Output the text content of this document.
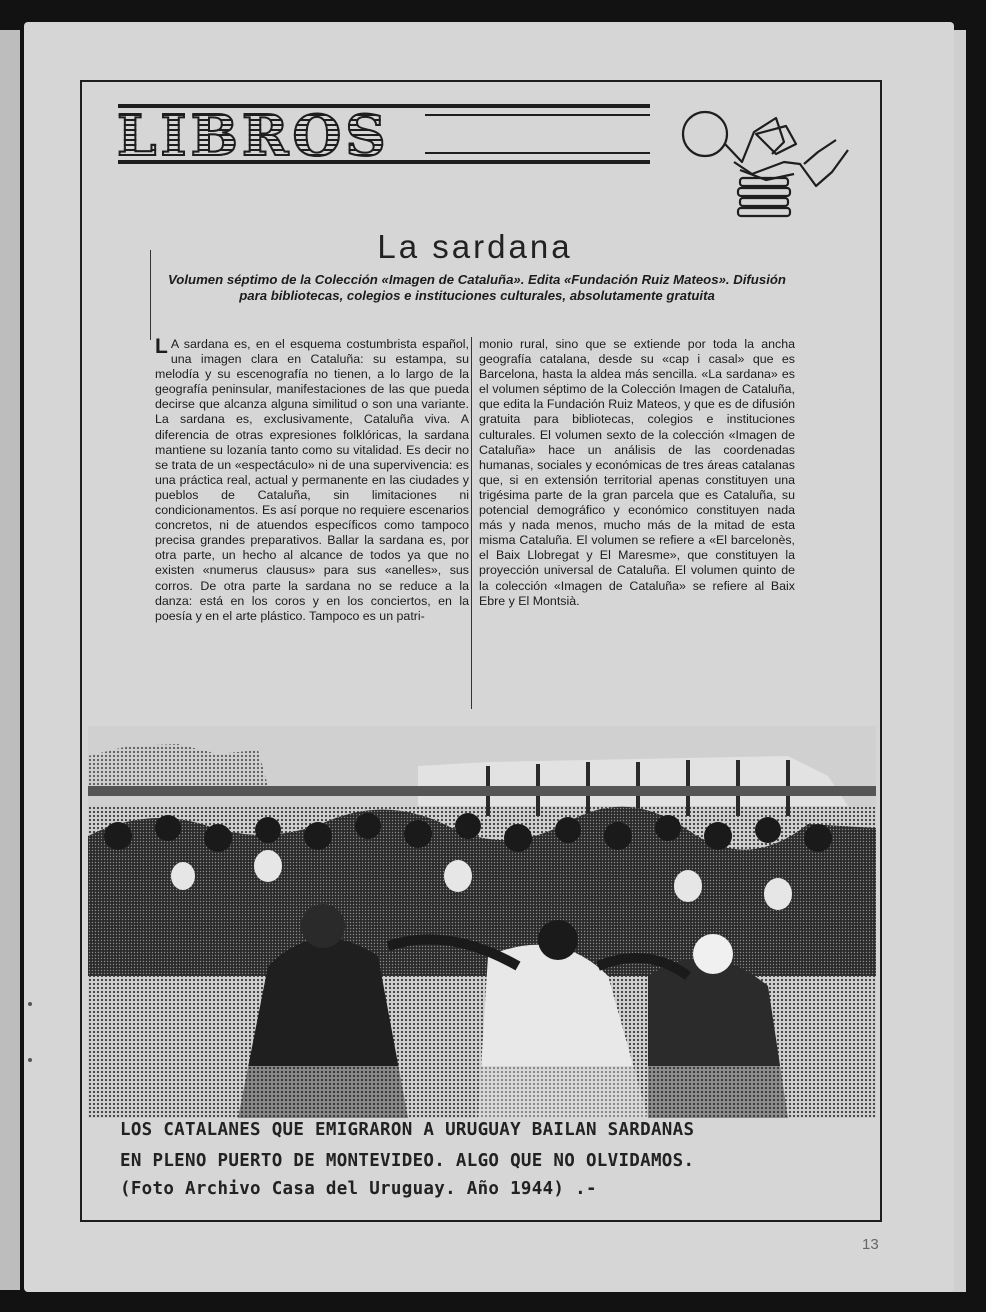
LIBROS
La sardana
Volumen séptimo de la Colección «Imagen de Cataluña». Edita «Fundación Ruiz Mateos». Difusión para bibliotecas, colegios e instituciones culturales, absolutamente gratuita

L A sardana es, en el esquema costumbrista español, una imagen clara en Cataluña: su estampa, su melodía y su escenografía no tienen, a lo largo de la geografía peninsular, manifestaciones de las que pueda decirse que alcanza alguna similitud o son una variante. La sardana es, exclusivamente, Cataluña viva. A diferencia de otras expresiones folklóricas, la sardana mantiene su lozanía tanto como su vitalidad. Es decir no se trata de un «espectáculo» ni de una supervivencia: es una práctica real, actual y permanente en las ciudades y pueblos de Cataluña, sin limitaciones ni condicionamentos. Es así porque no requiere escenarios concretos, ni de atuendos específicos como tampoco precisa grandes preparativos. Ballar la sardana es, por otra parte, un hecho al alcance de todos ya que no existen «numerus clausus» para sus «anelles», sus corros. De otra parte la sardana no se reduce a la danza: está en los coros y en los conciertos, en la poesía y en el arte plástico. Tampoco es un patri-

monio rural, sino que se extiende por toda la ancha geografía catalana, desde su «cap i casal» que es Barcelona, hasta la aldea más sencilla. «La sardana» es el volumen séptimo de la Colección Imagen de Cataluña, que edita la Fundación Ruiz Mateos, y que es de difusión gratuita para bibliotecas, colegios e instituciones culturales. El volumen sexto de la colección «Imagen de Cataluña» hace un análisis de las coordenadas humanas, sociales y económicas de tres áreas catalanas que, si en extensión territorial apenas constituyen una trigésima parte de la gran parcela que es Cataluña, su potencial demográfico y económico constituyen nada más y nada menos, mucho más de la mitad de esta misma Cataluña. El volumen se refiere a «El barcelonès, el Baix Llobregat y El Maresme», que constituyen la proyección universal de Cataluña. El volumen quinto de la colección «Imagen de Cataluña» se refiere al Baix Ebre y El Montsià.

LOS CATALANES QUE EMIGRARON A URUGUAY BAILAN SARDANAS

EN PLENO PUERTO DE MONTEVIDEO. ALGO QUE NO OLVIDAMOS.

(Foto Archivo Casa del Uruguay. Año 1944) .-

13
